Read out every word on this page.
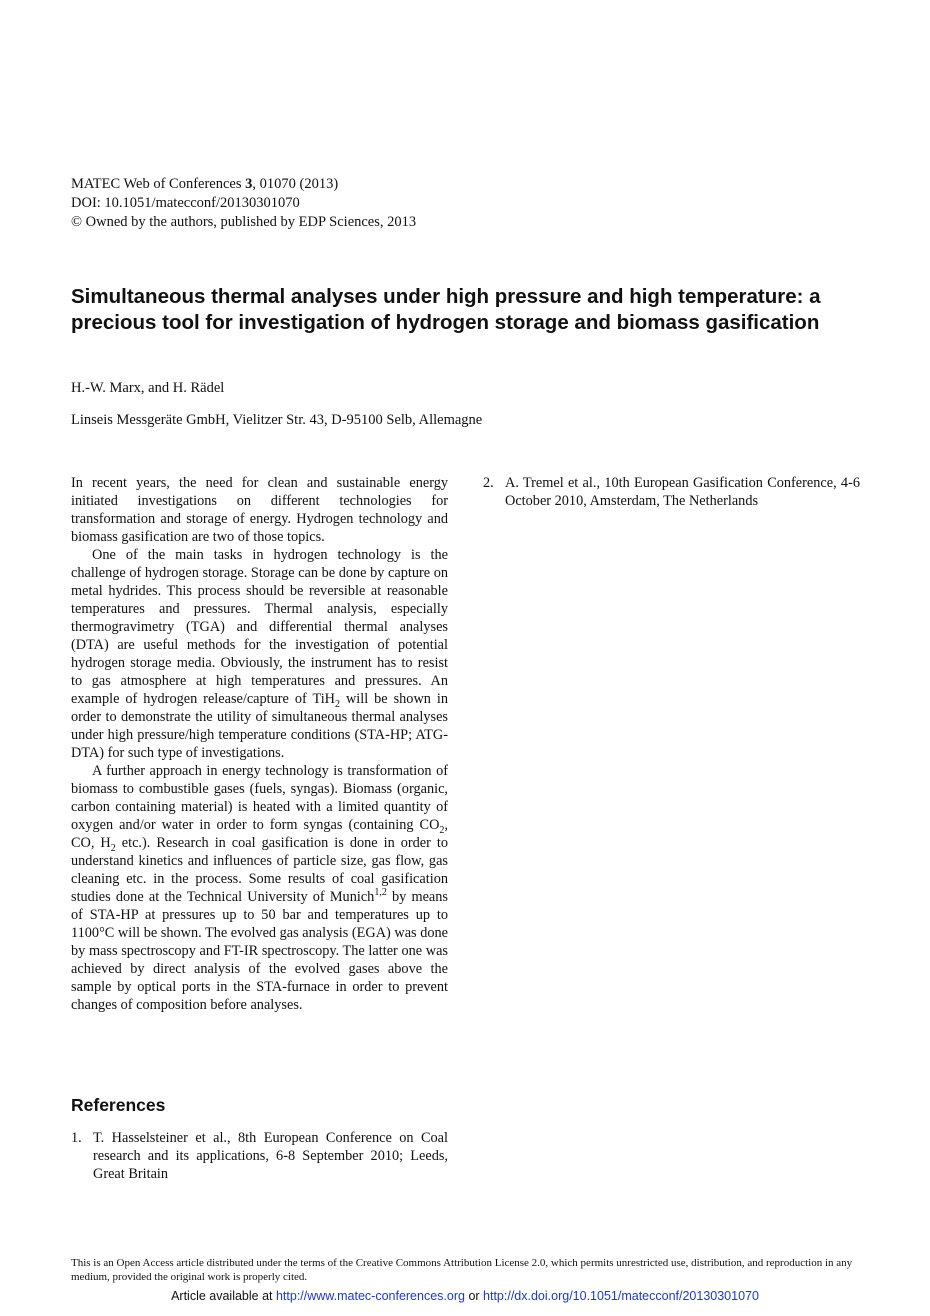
MATEC Web of Conferences 3, 01070 (2013)
DOI: 10.1051/matecconf/20130301070
© Owned by the authors, published by EDP Sciences, 2013
Simultaneous thermal analyses under high pressure and high temperature: a precious tool for investigation of hydrogen storage and biomass gasification
H.-W. Marx, and H. Rädel
Linseis Messgeräte GmbH, Vielitzer Str. 43, D-95100 Selb, Allemagne

In recent years, the need for clean and sustainable energy initiated investigations on different technologies for transformation and storage of energy. Hydrogen technology and biomass gasification are two of those topics.

One of the main tasks in hydrogen technology is the challenge of hydrogen storage. Storage can be done by capture on metal hydrides. This process should be reversible at reasonable temperatures and pressures. Thermal analysis, especially thermogravimetry (TGA) and differential thermal analyses (DTA) are useful methods for the investigation of potential hydrogen storage media. Obviously, the instrument has to resist to gas atmosphere at high temperatures and pressures. An example of hydrogen release/capture of TiH$_2$ will be shown in order to demonstrate the utility of simultaneous thermal analyses under high pressure/high temperature conditions (STA-HP; ATG-DTA) for such type of investigations.

A further approach in energy technology is transformation of biomass to combustible gases (fuels, syngas). Biomass (organic, carbon containing material) is heated with a limited quantity of oxygen and/or water in order to form syngas (containing $CO_2$, CO, $H_2$ etc.). Research in coal gasification is done in order to understand kinetics and influences of particle size, gas flow, gas cleaning etc. in the process. Some results of coal gasification studies done at the Technical University of Munich$^{1,2}$ by means of STA-HP at pressures up to 50 bar and temperatures up to 1100°C will be shown. The evolved gas analysis (EGA) was done by mass spectroscopy and FT-IR spectroscopy. The latter one was achieved by direct analysis of the evolved gases above the sample by optical ports in the STA-furnace in order to prevent changes of composition before analyses.

References
1. T. Hasselsteiner et al., 8th European Conference on Coal research and its applications, 6-8 September 2010; Leeds, Great Britain
2. A. Tremel et al., 10th European Gasification Conference, 4-6 October 2010, Amsterdam, The Netherlands
This is an Open Access article distributed under the terms of the Creative Commons Attribution License 2.0, which permits unrestricted use, distribution, and reproduction in any medium, provided the original work is properly cited.
Article available at http://www.matec-conferences.org or http://dx.doi.org/10.1051/matecconf/20130301070
